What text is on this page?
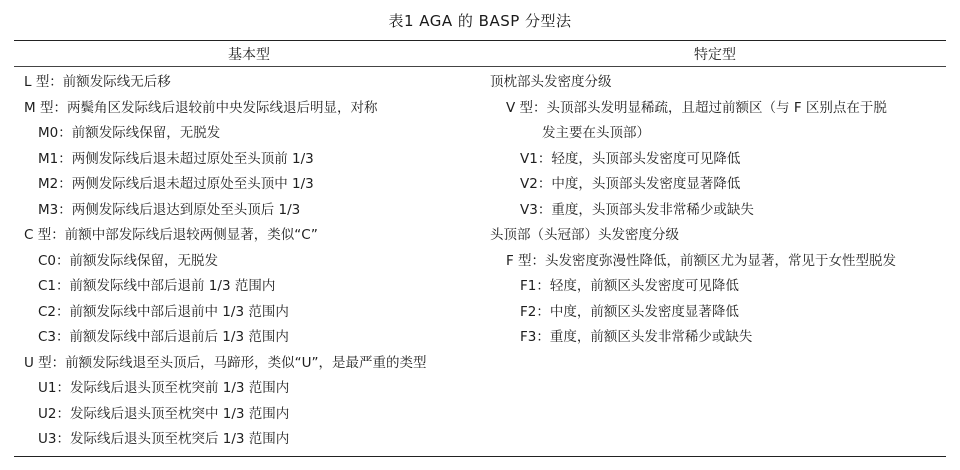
表1 AGA 的 BASP 分型法
基本型	特定型
L 型：前额发际线无后移
M 型：两鬓角区发际线后退较前中央发际线退后明显，对称
M0：前额发际线保留，无脱发
M1：两侧发际线后退未超过原处至头顶前 1/3
M2：两侧发际线后退未超过原处至头顶中 1/3
M3：两侧发际线后退达到原处至头顶后 1/3
C 型：前额中部发际线后退较两侧显著，类似“C”
C0：前额发际线保留，无脱发
C1：前额发际线中部后退前 1/3 范围内
C2：前额发际线中部后退前中 1/3 范围内
C3：前额发际线中部后退前后 1/3 范围内
U 型：前额发际线退至头顶后，马蹄形，类似“U”，是最严重的类型
U1：发际线后退头顶至枕突前 1/3 范围内
U2：发际线后退头顶至枕突中 1/3 范围内
U3：发际线后退头顶至枕突后 1/3 范围内
顶枕部头发密度分级
V 型：头顶部头发明显稀疏，且超过前额区（与 F 区别点在于脱
发主要在头顶部）
V1：轻度，头顶部头发密度可见降低
V2：中度，头顶部头发密度显著降低
V3：重度，头顶部头发非常稀少或缺失
头顶部（头冠部）头发密度分级
F 型：头发密度弥漫性降低，前额区尤为显著，常见于女性型脱发
F1：轻度，前额区头发密度可见降低
F2：中度，前额区头发密度显著降低
F3：重度，前额区头发非常稀少或缺失
